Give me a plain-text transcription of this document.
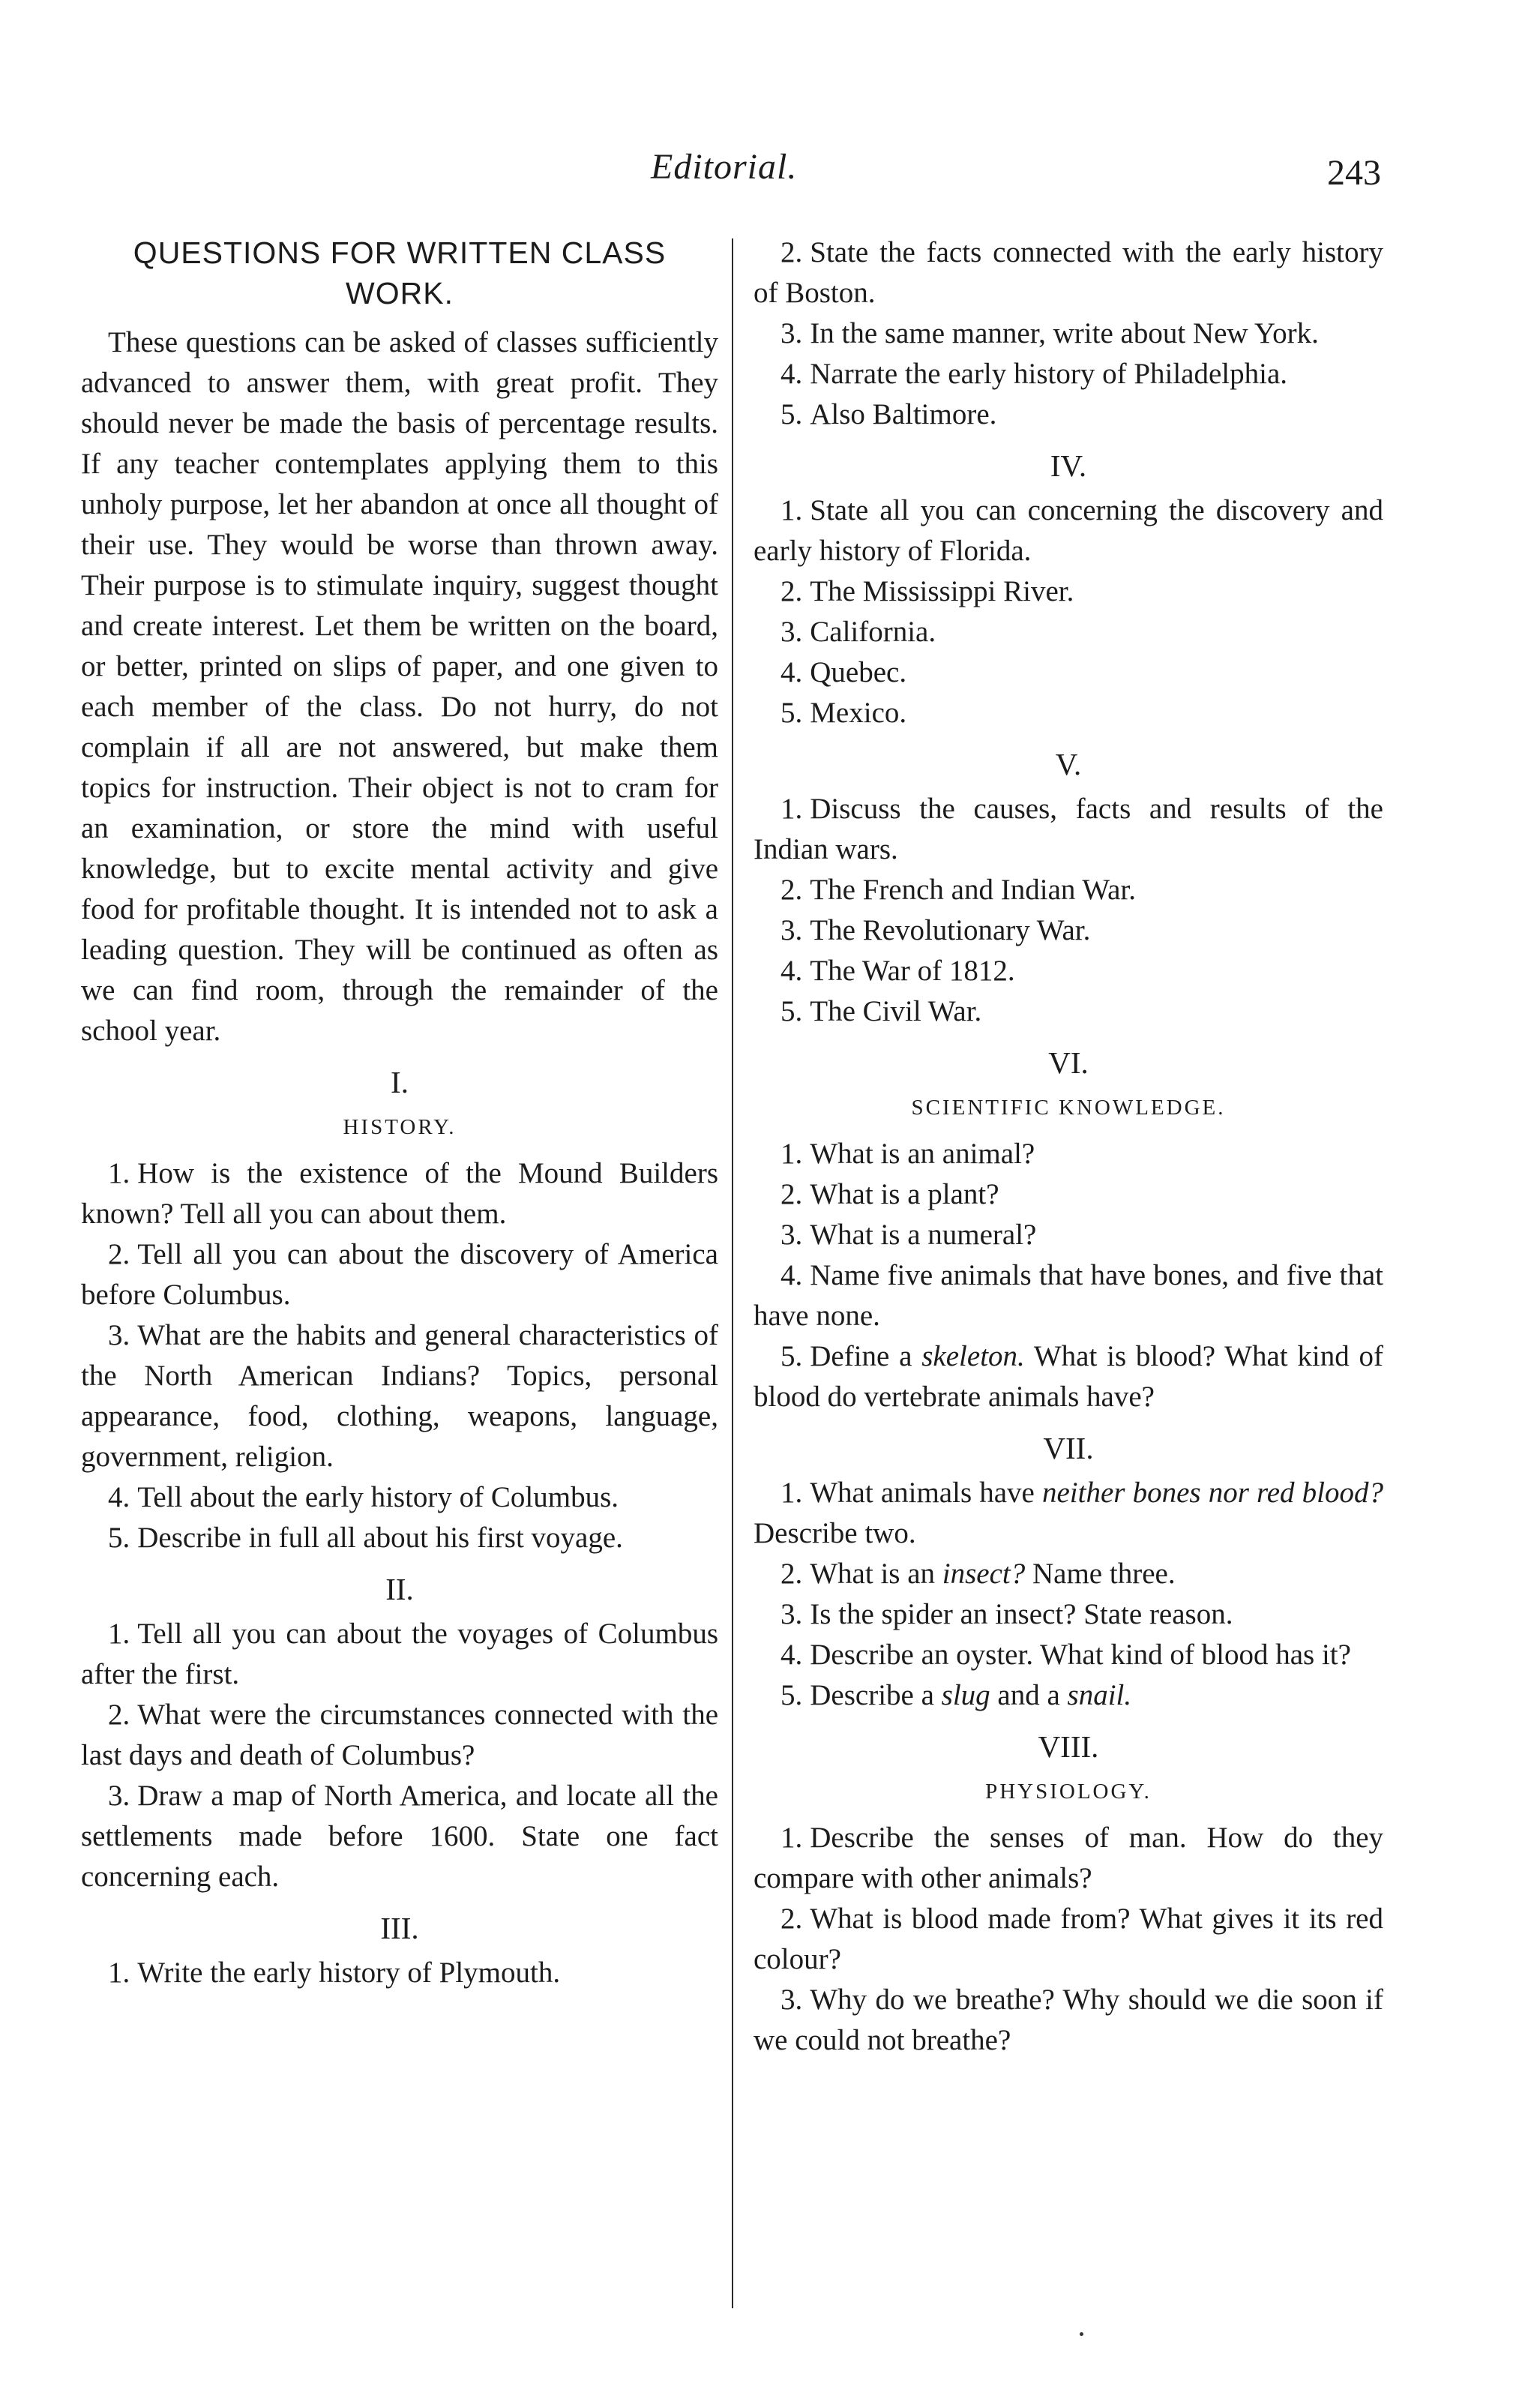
Editorial.	243
QUESTIONS FOR WRITTEN CLASS WORK.

These questions can be asked of classes sufficiently advanced to answer them, with great profit. They should never be made the basis of percentage results. If any teacher contemplates applying them to this unholy purpose, let her abandon at once all thought of their use. They would be worse than thrown away. Their purpose is to stimulate inquiry, suggest thought and create interest. Let them be written on the board, or better, printed on slips of paper, and one given to each member of the class. Do not hurry, do not complain if all are not answered, but make them topics for instruction. Their object is not to cram for an examination, or store the mind with useful knowledge, but to excite mental activity and give food for profitable thought. It is intended not to ask a leading question. They will be continued as often as we can find room, through the remainder of the school year.

I.
HISTORY.

1. How is the existence of the Mound Builders known? Tell all you can about them.

2. Tell all you can about the discovery of America before Columbus.

3. What are the habits and general characteristics of the North American Indians? Topics, personal appearance, food, clothing, weapons, language, government, religion.

4. Tell about the early history of Columbus.

5. Describe in full all about his first voyage.

II.

1. Tell all you can about the voyages of Columbus after the first.

2. What were the circumstances connected with the last days and death of Columbus?

3. Draw a map of North America, and locate all the settlements made before 1600. State one fact concerning each.

III.

1. Write the early history of Plymouth.

2. State the facts connected with the early history of Boston.

3. In the same manner, write about New York.

4. Narrate the early history of Philadelphia.

5. Also Baltimore.

IV.

1. State all you can concerning the discovery and early history of Florida.

2. The Mississippi River.

3. California.

4. Quebec.

5. Mexico.

V.

1. Discuss the causes, facts and results of the Indian wars.

2. The French and Indian War.

3. The Revolutionary War.

4. The War of 1812.

5. The Civil War.

VI.
SCIENTIFIC KNOWLEDGE.

1. What is an animal?

2. What is a plant?

3. What is a numeral?

4. Name five animals that have bones, and five that have none.

5. Define a skeleton. What is blood? What kind of blood do vertebrate animals have?

VII.

1. What animals have neither bones nor red blood? Describe two.

2. What is an insect? Name three.

3. Is the spider an insect? State reason.

4. Describe an oyster. What kind of blood has it?

5. Describe a slug and a snail.

VIII.
PHYSIOLOGY.

1. Describe the senses of man. How do they compare with other animals?

2. What is blood made from? What gives it its red colour?

3. Why do we breathe? Why should we die soon if we could not breathe?
